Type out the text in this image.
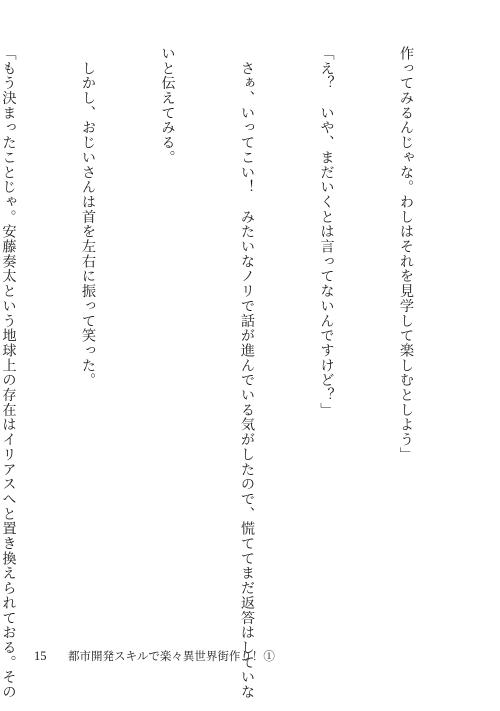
作ってみるんじゃな。わしはそれを見学して楽しむとしよう」

「え？　いや、まだいくとは言ってないんですけど？」

　さぁ、いってこい！　みたいなノリで話が進んでいる気がしたので、慌ててまだ返答はしていな

いと伝えてみる。

　しかし、おじいさんは首を左右に振って笑った。

「もう決まったことじゃ。安藤奏太という地球上の存在はイリアスへと置き換えられておる。その

	15 都市開発スキルで楽々異世界街作り！①
